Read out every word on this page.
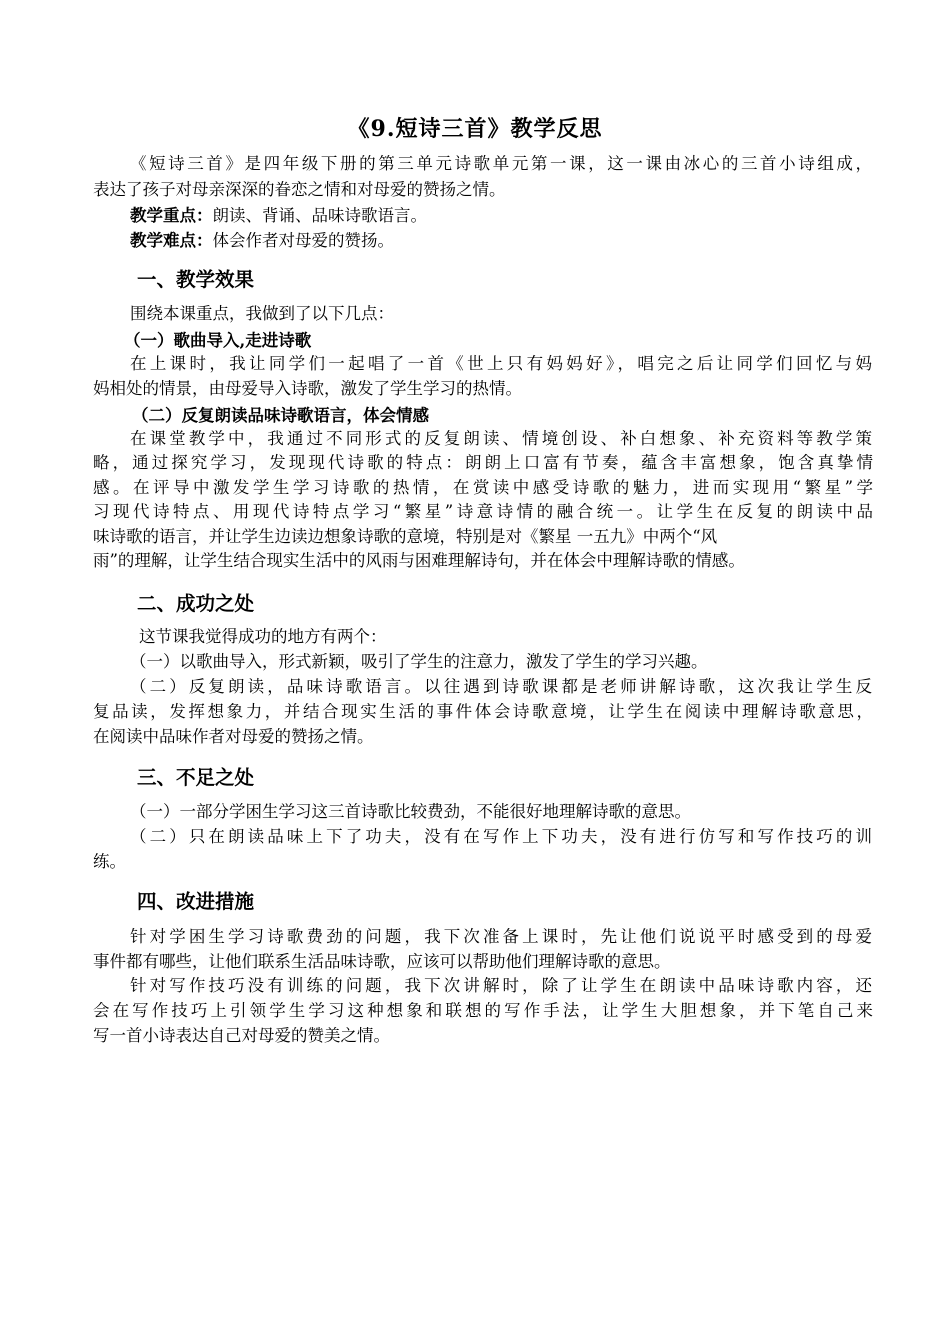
《9.短诗三首》教学反思
《短诗三首》是四年级下册的第三单元诗歌单元第一课，这一课由冰心的三首小诗组成，
表达了孩子对母亲深深的眷恋之情和对母爱的赞扬之情。
教学重点：朗读、背诵、品味诗歌语言。
教学难点：体会作者对母爱的赞扬。
一、教学效果
围绕本课重点，我做到了以下几点：
（一）歌曲导入,走进诗歌
在上课时，我让同学们一起唱了一首《世上只有妈妈好》，唱完之后让同学们回忆与妈
妈相处的情景，由母爱导入诗歌，激发了学生学习的热情。
（二）反复朗读品味诗歌语言，体会情感
在课堂教学中，我通过不同形式的反复朗读、情境创设、补白想象、补充资料等教学策
略，通过探究学习，发现现代诗歌的特点：朗朗上口富有节奏，蕴含丰富想象，饱含真挚情
感。在评导中激发学生学习诗歌的热情，在赏读中感受诗歌的魅力，进而实现用“繁星”学
习现代诗特点、用现代诗特点学习“繁星”诗意诗情的融合统一。让学生在反复的朗读中品
味诗歌的语言，并让学生边读边想象诗歌的意境，特别是对《繁星 一五九》中两个“风
雨”的理解，让学生结合现实生活中的风雨与困难理解诗句，并在体会中理解诗歌的情感。
二、成功之处
这节课我觉得成功的地方有两个：
（一）以歌曲导入，形式新颖，吸引了学生的注意力，激发了学生的学习兴趣。
（二）反复朗读，品味诗歌语言。以往遇到诗歌课都是老师讲解诗歌，这次我让学生反
复品读，发挥想象力，并结合现实生活的事件体会诗歌意境，让学生在阅读中理解诗歌意思，
在阅读中品味作者对母爱的赞扬之情。
三、不足之处
（一）一部分学困生学习这三首诗歌比较费劲，不能很好地理解诗歌的意思。
（二）只在朗读品味上下了功夫，没有在写作上下功夫，没有进行仿写和写作技巧的训
练。
四、改进措施
针对学困生学习诗歌费劲的问题，我下次准备上课时，先让他们说说平时感受到的母爱
事件都有哪些，让他们联系生活品味诗歌，应该可以帮助他们理解诗歌的意思。
针对写作技巧没有训练的问题，我下次讲解时，除了让学生在朗读中品味诗歌内容，还
会在写作技巧上引领学生学习这种想象和联想的写作手法，让学生大胆想象，并下笔自己来
写一首小诗表达自己对母爱的赞美之情。
